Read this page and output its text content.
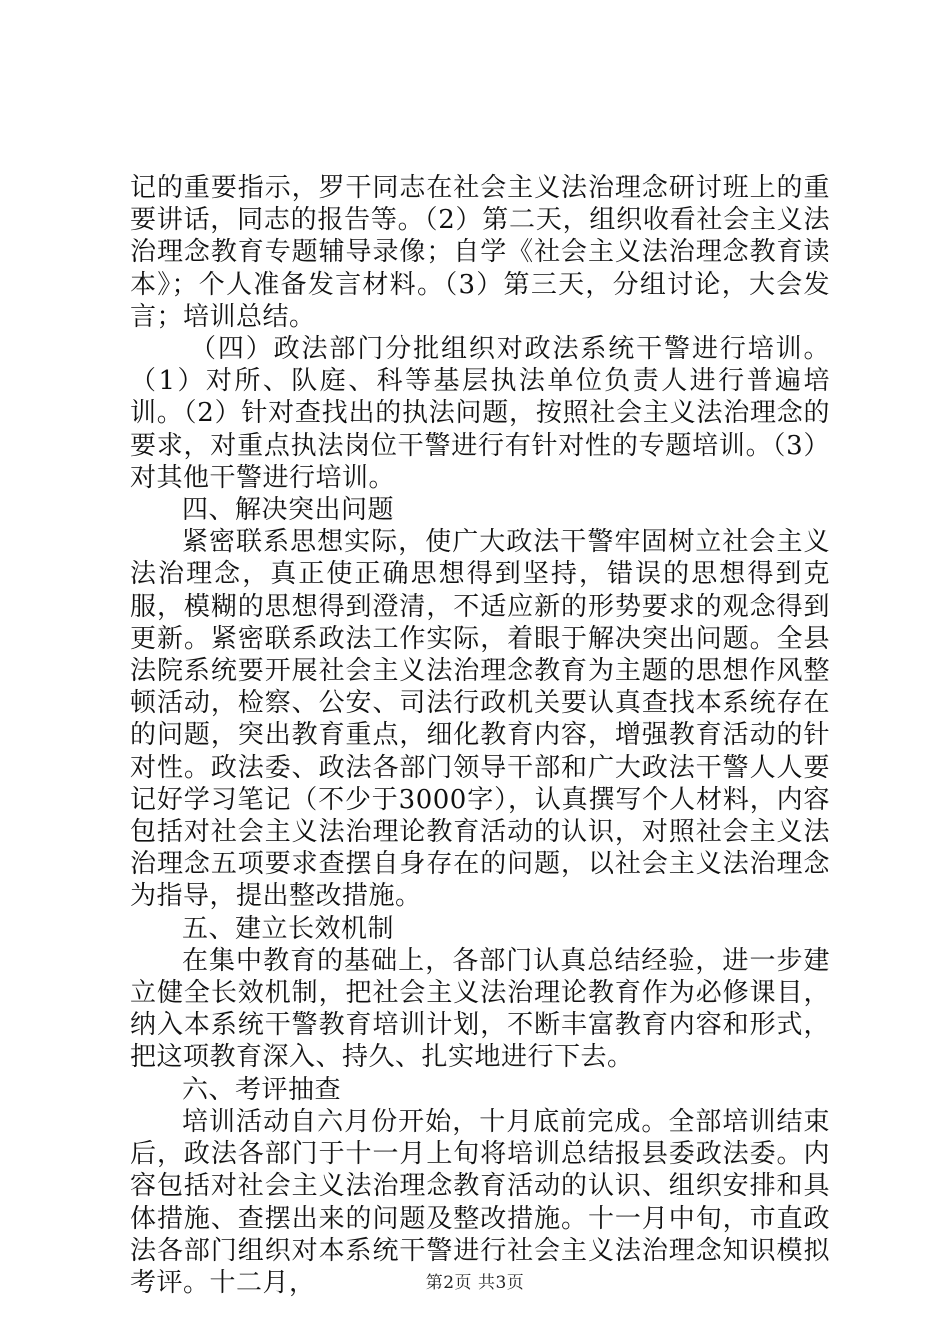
记的重要指示，罗干同志在社会主义法治理念研讨班上的重要讲话，同志的报告等。（2）第二天，组织收看社会主义法治理念教育专题辅导录像；自学《社会主义法治理念教育读本》；个人准备发言材料。（3）第三天，分组讨论，大会发言；培训总结。

（四）政法部门分批组织对政法系统干警进行培训。（1）对所、队庭、科等基层执法单位负责人进行普遍培训。（2）针对查找出的执法问题，按照社会主义法治理念的要求，对重点执法岗位干警进行有针对性的专题培训。（3）对其他干警进行培训。

四、解决突出问题

紧密联系思想实际，使广大政法干警牢固树立社会主义法治理念，真正使正确思想得到坚持，错误的思想得到克服，模糊的思想得到澄清，不适应新的形势要求的观念得到更新。紧密联系政法工作实际，着眼于解决突出问题。全县法院系统要开展社会主义法治理念教育为主题的思想作风整顿活动，检察、公安、司法行政机关要认真查找本系统存在的问题，突出教育重点，细化教育内容，增强教育活动的针对性。政法委、政法各部门领导干部和广大政法干警人人要记好学习笔记（不少于3000字），认真撰写个人材料，内容包括对社会主义法治理论教育活动的认识，对照社会主义法治理念五项要求查摆自身存在的问题，以社会主义法治理念为指导，提出整改措施。

五、建立长效机制

在集中教育的基础上，各部门认真总结经验，进一步建立健全长效机制，把社会主义法治理论教育作为必修课目，纳入本系统干警教育培训计划，不断丰富教育内容和形式，把这项教育深入、持久、扎实地进行下去。

六、考评抽查

培训活动自六月份开始，十月底前完成。全部培训结束后，政法各部门于十一月上旬将培训总结报县委政法委。内容包括对社会主义法治理念教育活动的认识、组织安排和具体措施、查摆出来的问题及整改措施。十一月中旬，市直政法各部门组织对本系统干警进行社会主义法治理念知识模拟考评。十二月，	第2页 共3页
